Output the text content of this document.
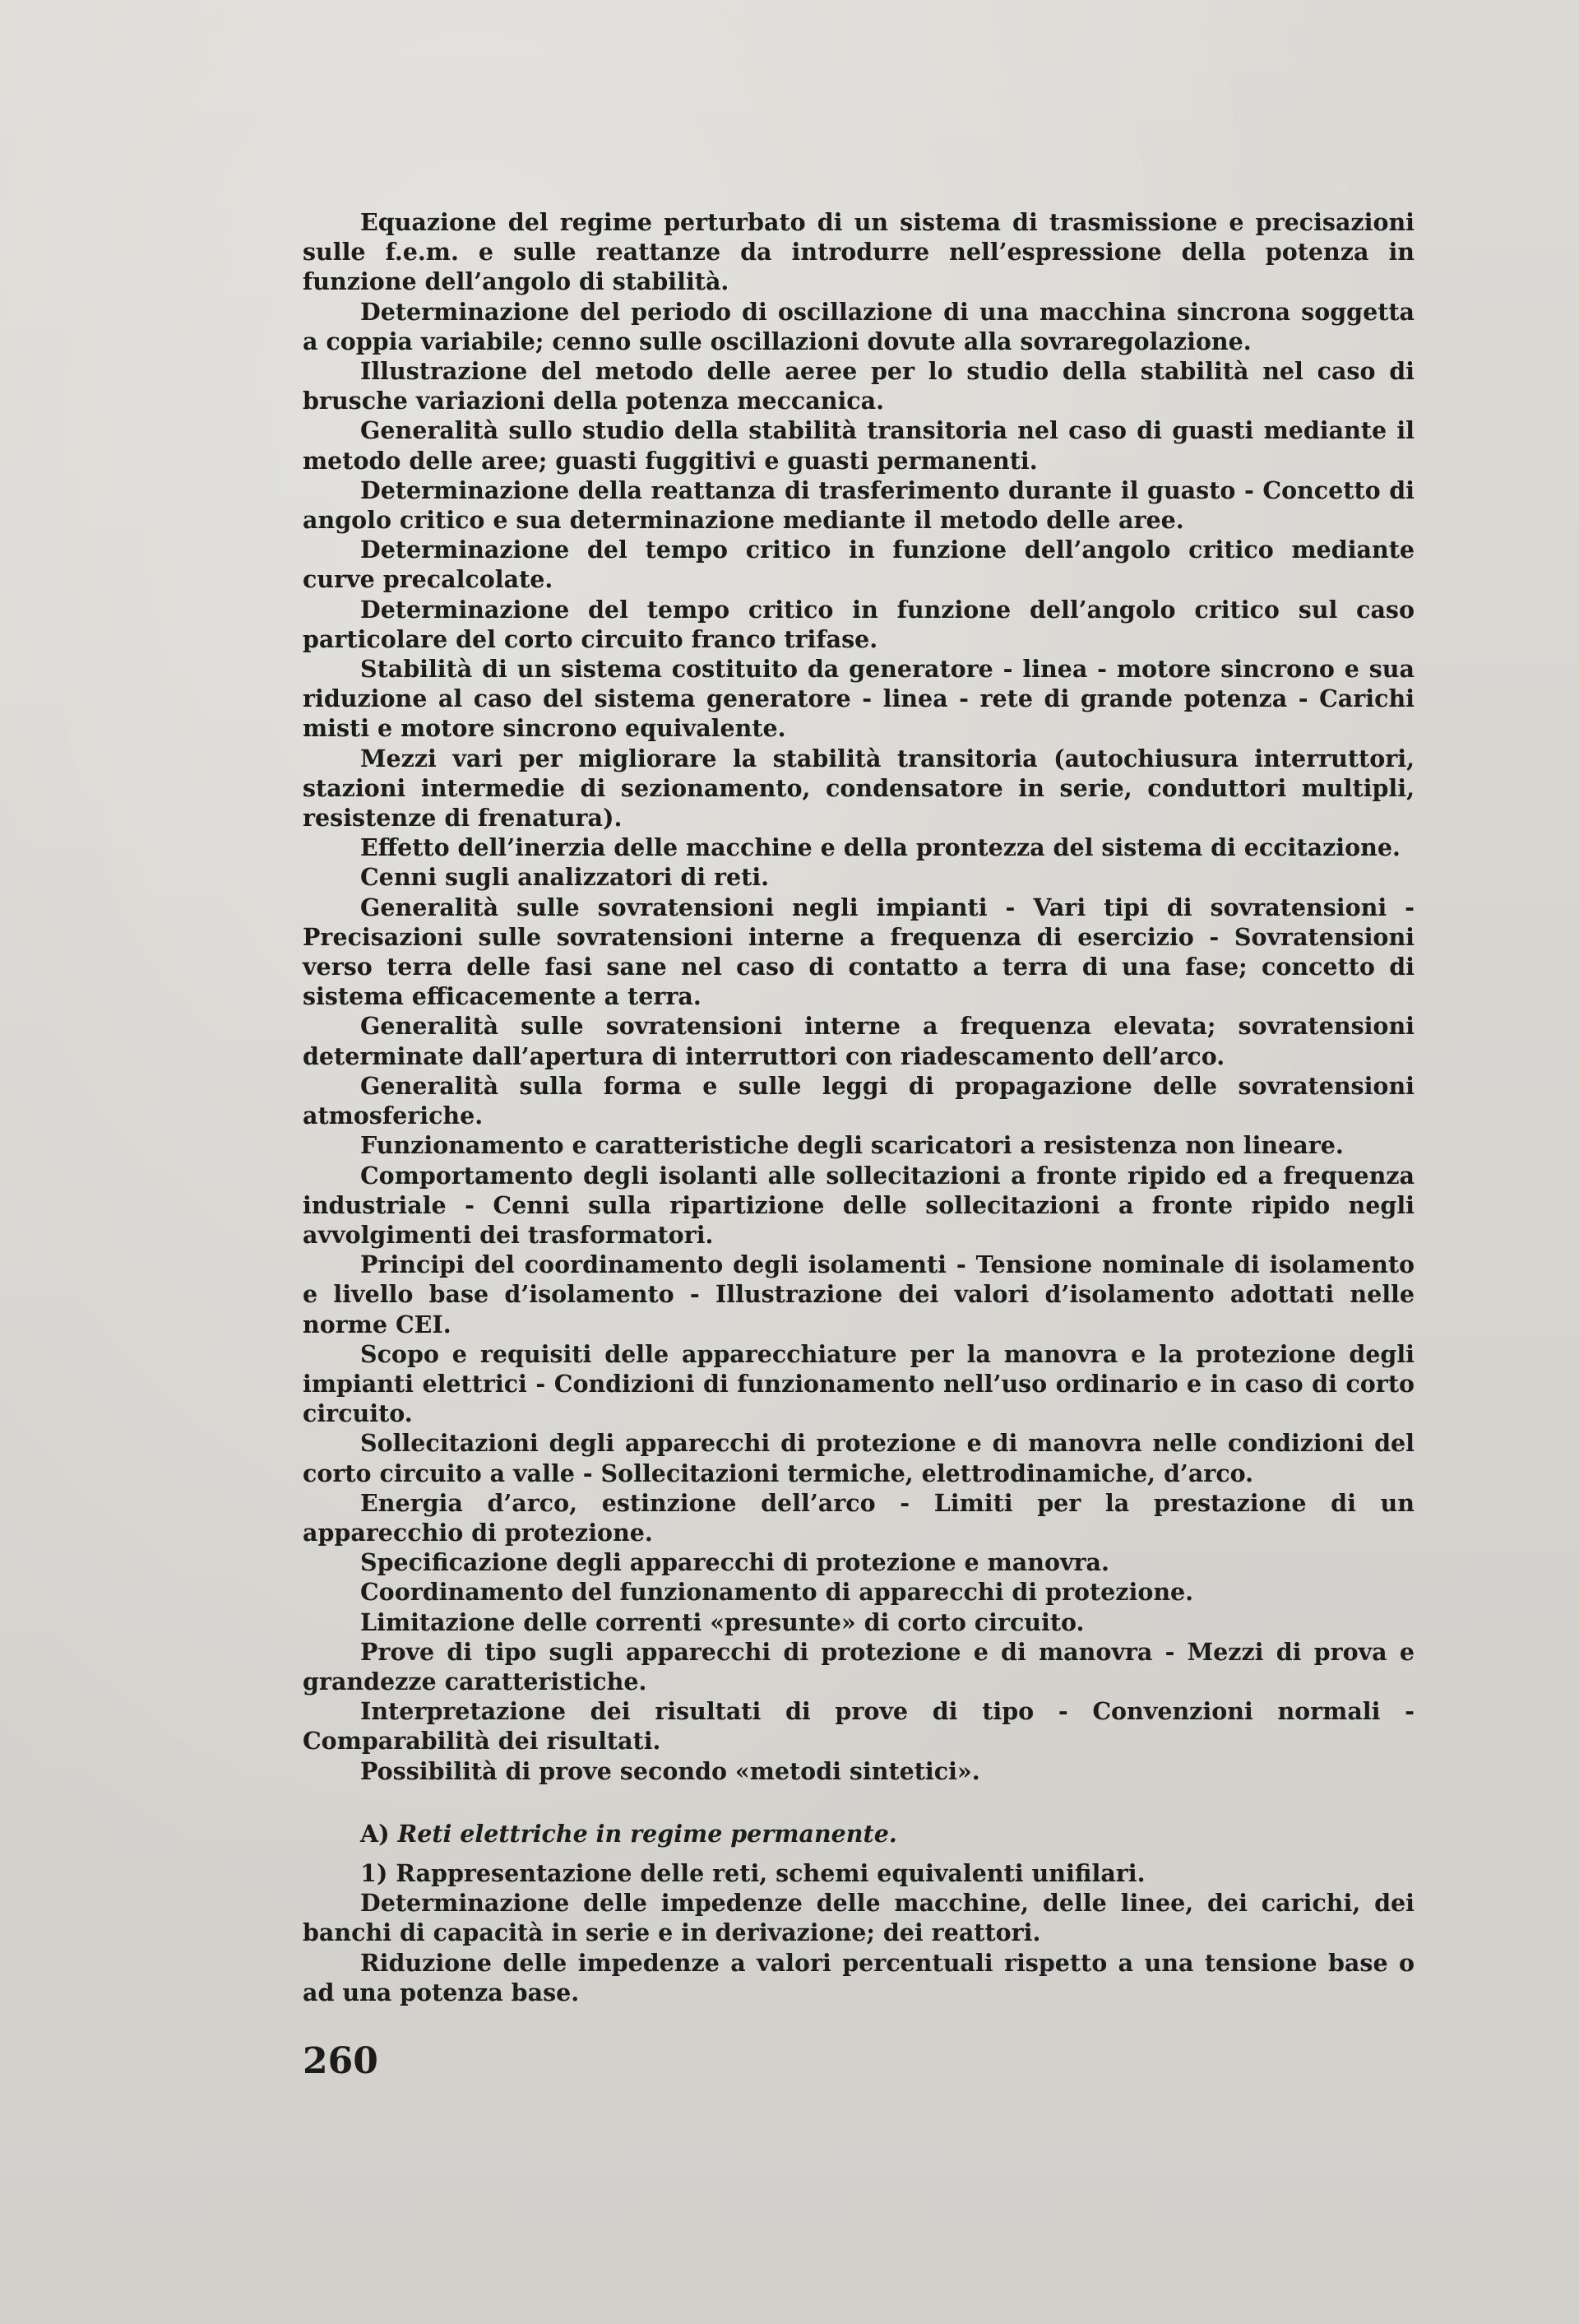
Equazione del regime perturbato di un sistema di trasmissione e precisazioni sulle f.e.m. e sulle reattanze da introdurre nell’espressione della potenza in funzione dell’angolo di stabilità.

Determinazione del periodo di oscillazione di una macchina sincrona soggetta a coppia variabile; cenno sulle oscillazioni dovute alla sovraregolazione.

Illustrazione del metodo delle aeree per lo studio della stabilità nel caso di brusche variazioni della potenza meccanica.

Generalità sullo studio della stabilità transitoria nel caso di guasti mediante il metodo delle aree; guasti fuggitivi e guasti permanenti.

Determinazione della reattanza di trasferimento durante il guasto - Concetto di angolo critico e sua determinazione mediante il metodo delle aree.

Determinazione del tempo critico in funzione dell’angolo critico mediante curve precalcolate.

Determinazione del tempo critico in funzione dell’angolo critico sul caso particolare del corto circuito franco trifase.

Stabilità di un sistema costituito da generatore - linea - motore sincrono e sua riduzione al caso del sistema generatore - linea - rete di grande potenza - Carichi misti e motore sincrono equivalente.

Mezzi vari per migliorare la stabilità transitoria (autochiusura interruttori, stazioni intermedie di sezionamento, condensatore in serie, conduttori multipli, resistenze di frenatura).

Effetto dell’inerzia delle macchine e della prontezza del sistema di eccitazione.

Cenni sugli analizzatori di reti.

Generalità sulle sovratensioni negli impianti - Vari tipi di sovratensioni - Precisazioni sulle sovratensioni interne a frequenza di esercizio - Sovratensioni verso terra delle fasi sane nel caso di contatto a terra di una fase; concetto di sistema efficacemente a terra.

Generalità sulle sovratensioni interne a frequenza elevata; sovratensioni determinate dall’apertura di interruttori con riadescamento dell’arco.

Generalità sulla forma e sulle leggi di propagazione delle sovratensioni atmosferiche.

Funzionamento e caratteristiche degli scaricatori a resistenza non lineare.

Comportamento degli isolanti alle sollecitazioni a fronte ripido ed a frequenza industriale - Cenni sulla ripartizione delle sollecitazioni a fronte ripido negli avvolgimenti dei trasformatori.

Principi del coordinamento degli isolamenti - Tensione nominale di isolamento e livello base d’isolamento - Illustrazione dei valori d’isolamento adottati nelle norme CEI.

Scopo e requisiti delle apparecchiature per la manovra e la protezione degli impianti elettrici - Condizioni di funzionamento nell’uso ordinario e in caso di corto circuito.

Sollecitazioni degli apparecchi di protezione e di manovra nelle condizioni del corto circuito a valle - Sollecitazioni termiche, elettrodinamiche, d’arco.

Energia d’arco, estinzione dell’arco - Limiti per la prestazione di un apparecchio di protezione.

Specificazione degli apparecchi di protezione e manovra.

Coordinamento del funzionamento di apparecchi di protezione.

Limitazione delle correnti «presunte» di corto circuito.

Prove di tipo sugli apparecchi di protezione e di manovra - Mezzi di prova e grandezze caratteristiche.

Interpretazione dei risultati di prove di tipo - Convenzioni normali - Comparabilità dei risultati.

Possibilità di prove secondo «metodi sintetici».

A) Reti elettriche in regime permanente.

1) Rappresentazione delle reti, schemi equivalenti unifilari.

Determinazione delle impedenze delle macchine, delle linee, dei carichi, dei banchi di capacità in serie e in derivazione; dei reattori.

Riduzione delle impedenze a valori percentuali rispetto a una tensione base o ad una potenza base.

260
